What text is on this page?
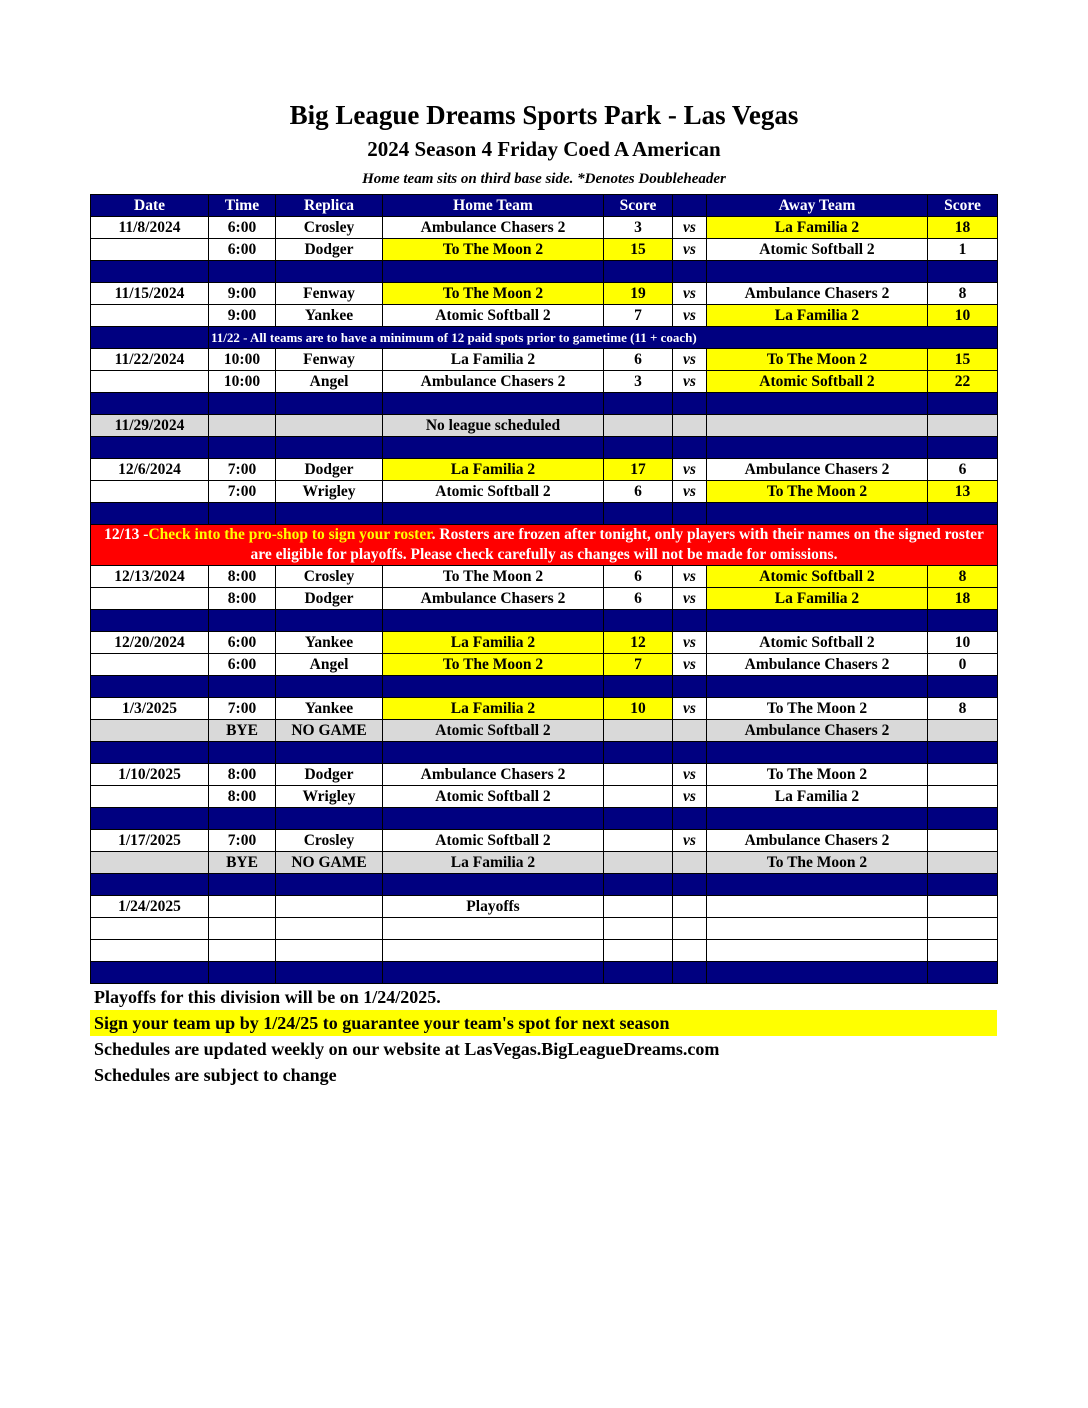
Big League Dreams Sports Park - Las Vegas
2024 Season 4 Friday Coed A American
Home team sits on third base side. *Denotes Doubleheader
Date	Time	Replica	Home Team	Score		Away Team	Score
11/8/2024	6:00	Crosley	Ambulance Chasers 2	3	vs	La Familia 2	18
	6:00	Dodger	To The Moon 2	15	vs	Atomic Softball 2	1

11/15/2024	9:00	Fenway	To The Moon 2	19	vs	Ambulance Chasers 2	8
	9:00	Yankee	Atomic Softball 2	7	vs	La Familia 2	10
	11/22 - All teams are to have a minimum of 12 paid spots prior to gametime (11 + coach)						
11/22/2024	10:00	Fenway	La Familia 2	6	vs	To The Moon 2	15
	10:00	Angel	Ambulance Chasers 2	3	vs	Atomic Softball 2	22

11/29/2024			No league scheduled				

12/6/2024	7:00	Dodger	La Familia 2	17	vs	Ambulance Chasers 2	6
	7:00	Wrigley	Atomic Softball 2	6	vs	To The Moon 2	13

12/13 -Check into the pro-shop to sign your roster. Rosters are frozen after tonight, only players with their names on the signed roster are eligible for playoffs. Please check carefully as changes will not be made for omissions.							
12/13/2024	8:00	Crosley	To The Moon 2	6	vs	Atomic Softball 2	8
	8:00	Dodger	Ambulance Chasers 2	6	vs	La Familia 2	18

12/20/2024	6:00	Yankee	La Familia 2	12	vs	Atomic Softball 2	10
	6:00	Angel	To The Moon 2	7	vs	Ambulance Chasers 2	0

1/3/2025	7:00	Yankee	La Familia 2	10	vs	To The Moon 2	8
	BYE	NO GAME	Atomic Softball 2			Ambulance Chasers 2	

1/10/2025	8:00	Dodger	Ambulance Chasers 2		vs	To The Moon 2	
	8:00	Wrigley	Atomic Softball 2		vs	La Familia 2	

1/17/2025	7:00	Crosley	Atomic Softball 2		vs	Ambulance Chasers 2	
	BYE	NO GAME	La Familia 2			To The Moon 2	

1/24/2025			Playoffs				

Playoffs for this division will be on 1/24/2025.
Sign your team up by 1/24/25 to guarantee your team's spot for next season
Schedules are updated weekly on our website at LasVegas.BigLeagueDreams.com
Schedules are subject to change
